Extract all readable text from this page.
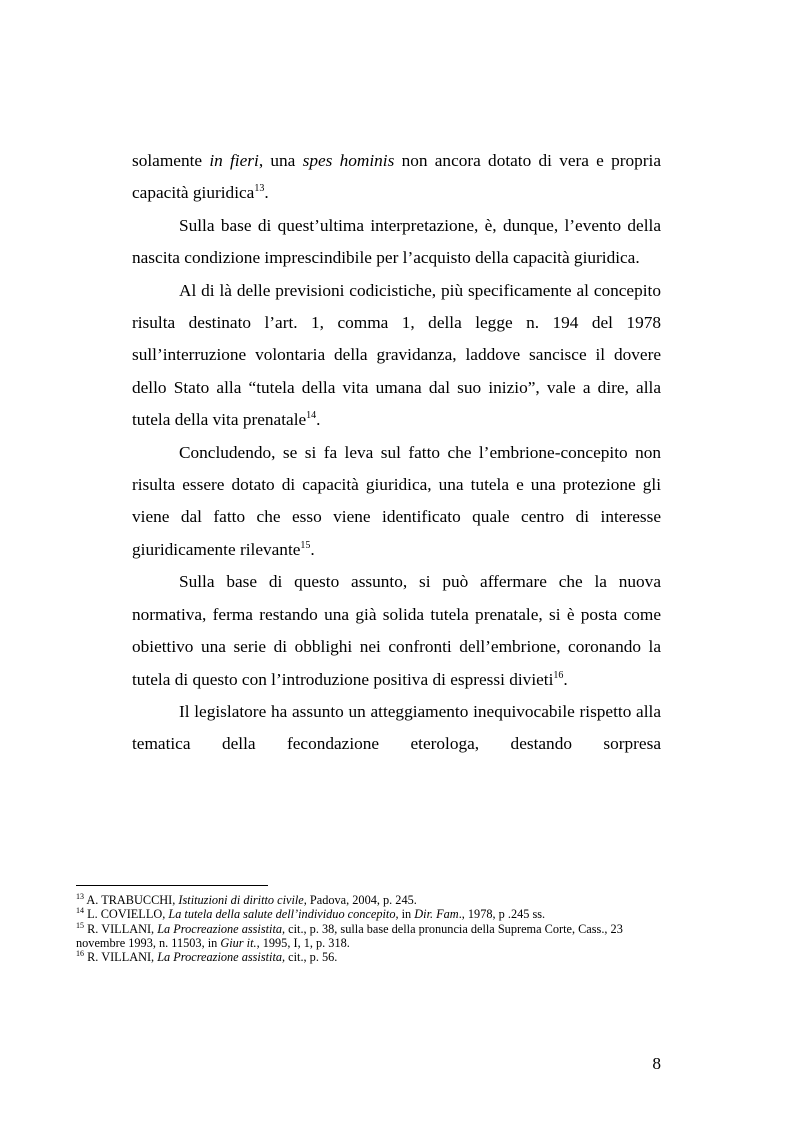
solamente in fieri, una spes hominis non ancora dotato di vera e propria capacità giuridica$^{13}$.

Sulla base di quest’ultima interpretazione, è, dunque, l’evento della nascita condizione imprescindibile per l’acquisto della capacità giuridica.

Al di là delle previsioni codicistiche, più specificamente al concepito risulta destinato l’art. 1, comma 1, della legge n. 194 del 1978 sull’interruzione volontaria della gravidanza, laddove sancisce il dovere dello Stato alla “tutela della vita umana dal suo inizio”, vale a dire, alla tutela della vita prenatale$^{14}$.

Concludendo, se si fa leva sul fatto che l’embrione-concepito non risulta essere dotato di capacità giuridica, una tutela e una protezione gli viene dal fatto che esso viene identificato quale centro di interesse giuridicamente rilevante$^{15}$.

Sulla base di questo assunto, si può affermare che la nuova normativa, ferma restando una già solida tutela prenatale, si è posta come obiettivo una serie di obblighi nei confronti dell’embrione, coronando la tutela di questo con l’introduzione positiva di espressi divieti$^{16}$.

Il legislatore ha assunto un atteggiamento inequivocabile rispetto alla tematica della fecondazione eterologa, destando sorpresa

$^{13}$ A. TRABUCCHI, Istituzioni di diritto civile, Padova, 2004, p. 245.

$^{14}$ L. COVIELLO, La tutela della salute dell’individuo concepito, in Dir. Fam., 1978, p .245 ss.

$^{15}$ R. VILLANI, La Procreazione assistita, cit., p. 38, sulla base della pronuncia della Suprema Corte, Cass., 23 novembre 1993, n. 11503, in Giur it., 1995, I, 1, p. 318.

$^{16}$ R. VILLANI, La Procreazione assistita, cit., p. 56.

8
